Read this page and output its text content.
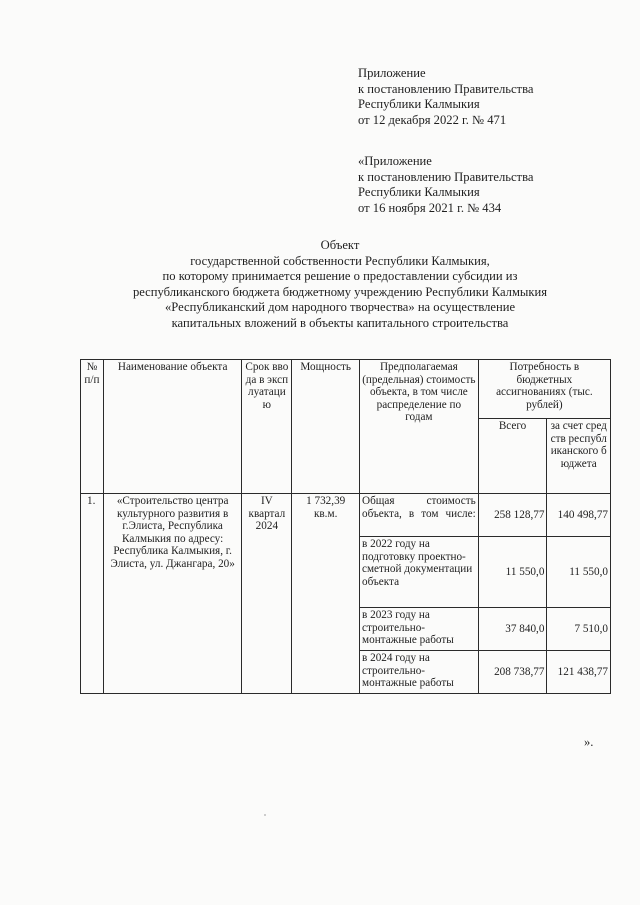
Приложение
к постановлению Правительства
Республики Калмыкия
от 12 декабря 2022 г. № 471
«Приложение
к постановлению Правительства
Республики Калмыкия
от 16 ноября 2021 г. № 434
Объект
государственной собственности Республики Калмыкия,
по которому принимается решение о предоставлении субсидии из
республиканского бюджета бюджетному учреждению Республики Калмыкия
«Республиканский дом народного творчества» на осуществление
капитальных вложений в объекты капитального строительства
№ п/п	Наименование объекта	Срок ввода в эксплуатацию	Мощность	Предполагаемая (предельная) стоимость объекта, в том числе распределение по годам	Потребность в бюджетных ассигнованиях (тыс. рублей)	
					Всего	за счет средств республиканского бюджета
1.	«Строительство центра культурного развития в г.Элиста, Республика Калмыкия по адресу: Республика Калмыкия, г. Элиста, ул. Джангара, 20»	IV квартал 2024	1 732,39 кв.м.	Общая стоимость объекта, в том числе:	258 128,77	140 498,77
				в 2022 году на подготовку проектно-сметной документации объекта	11 550,0	11 550,0
				в 2023 году на строительно-монтажные работы	37 840,0	7 510,0
				в 2024 году на строительно-монтажные работы	208 738,77	121 438,77
».
